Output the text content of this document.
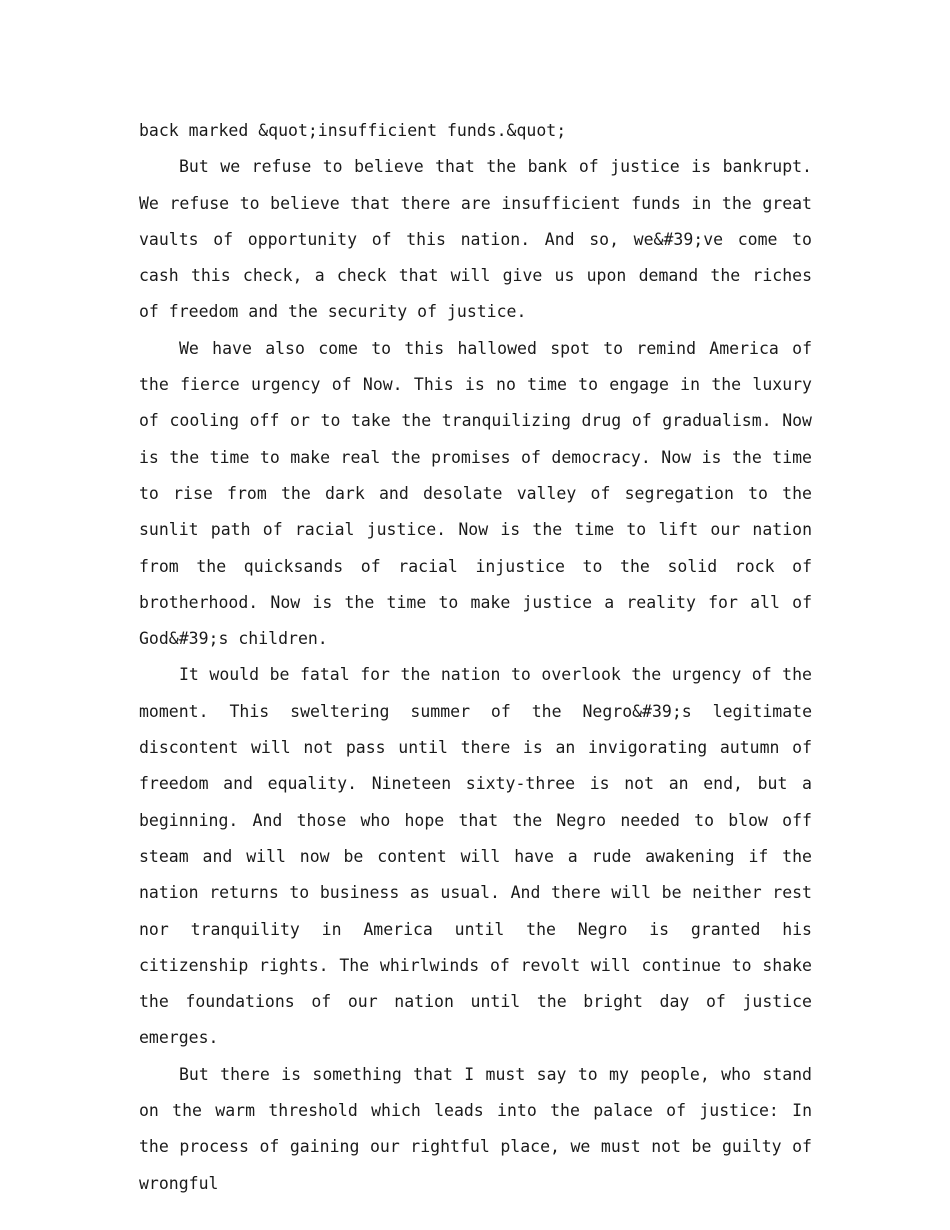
back marked &quot;insufficient funds.&quot;

But we refuse to believe that the bank of justice is bankrupt. We refuse to believe that there are insufficient funds in the great vaults of opportunity of this nation. And so, we&#39;ve come to cash this check, a check that will give us upon demand the riches of freedom and the security of justice.

We have also come to this hallowed spot to remind America of the fierce urgency of Now. This is no time to engage in the luxury of cooling off or to take the tranquilizing drug of gradualism. Now is the time to make real the promises of democracy. Now is the time to rise from the dark and desolate valley of segregation to the sunlit path of racial justice. Now is the time to lift our nation from the quicksands of racial injustice to the solid rock of brotherhood. Now is the time to make justice a reality for all of God&#39;s children.

It would be fatal for the nation to overlook the urgency of the moment. This sweltering summer of the Negro&#39;s legitimate discontent will not pass until there is an invigorating autumn of freedom and equality. Nineteen sixty-three is not an end, but a beginning. And those who hope that the Negro needed to blow off steam and will now be content will have a rude awakening if the nation returns to business as usual. And there will be neither rest nor tranquility in America until the Negro is granted his citizenship rights. The whirlwinds of revolt will continue to shake the foundations of our nation until the bright day of justice emerges.

But there is something that I must say to my people, who stand on the warm threshold which leads into the palace of justice: In the process of gaining our rightful place, we must not be guilty of wrongful
